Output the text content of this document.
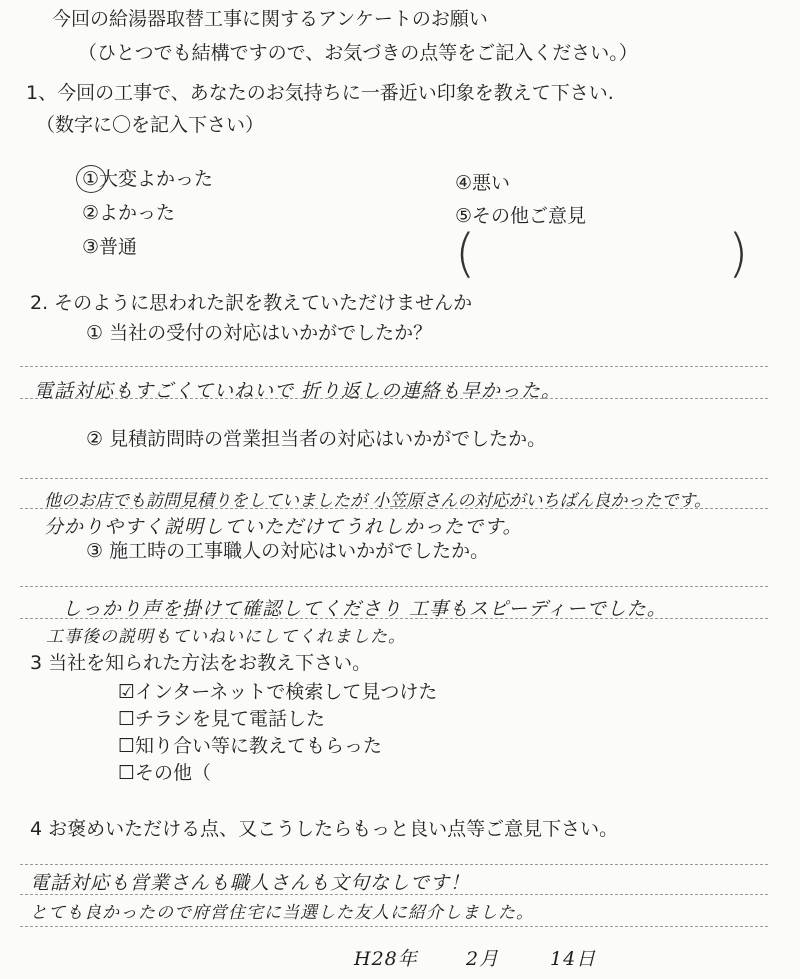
今回の給湯器取替工事に関するアンケートのお願い
（ひとつでも結構ですので、お気づきの点等をご記入ください。）
1、今回の工事で、あなたのお気持ちに一番近い印象を教えて下さい.
（数字に〇を記入下さい）
①大変よかった
②よかった
③普通
④悪い
⑤その他ご意見
(	)
2. そのように思われた訳を教えていただけませんか
① 当社の受付の対応はいかがでしたか？
電話対応もすごくていねいで 折り返しの連絡も早かった。
② 見積訪問時の営業担当者の対応はいかがでしたか。
他のお店でも訪問見積りをしていましたが 小笠原さんの対応がいちばん良かったです。
分かりやすく説明していただけてうれしかったです。
③ 施工時の工事職人の対応はいかがでしたか。
しっかり声を掛けて確認してくださり 工事もスピーディーでした。
工事後の説明もていねいにしてくれました。
3 当社を知られた方法をお教え下さい。
☑インターネットで検索して見つけた
☐チラシを見て電話した
☐知り合い等に教えてもらった
☐その他（
4 お褒めいただける点、又こうしたらもっと良い点等ご意見下さい。
電話対応も営業さんも職人さんも文句なしです！
とても良かったので府営住宅に当選した友人に紹介しました。
H28年	2月	14日
